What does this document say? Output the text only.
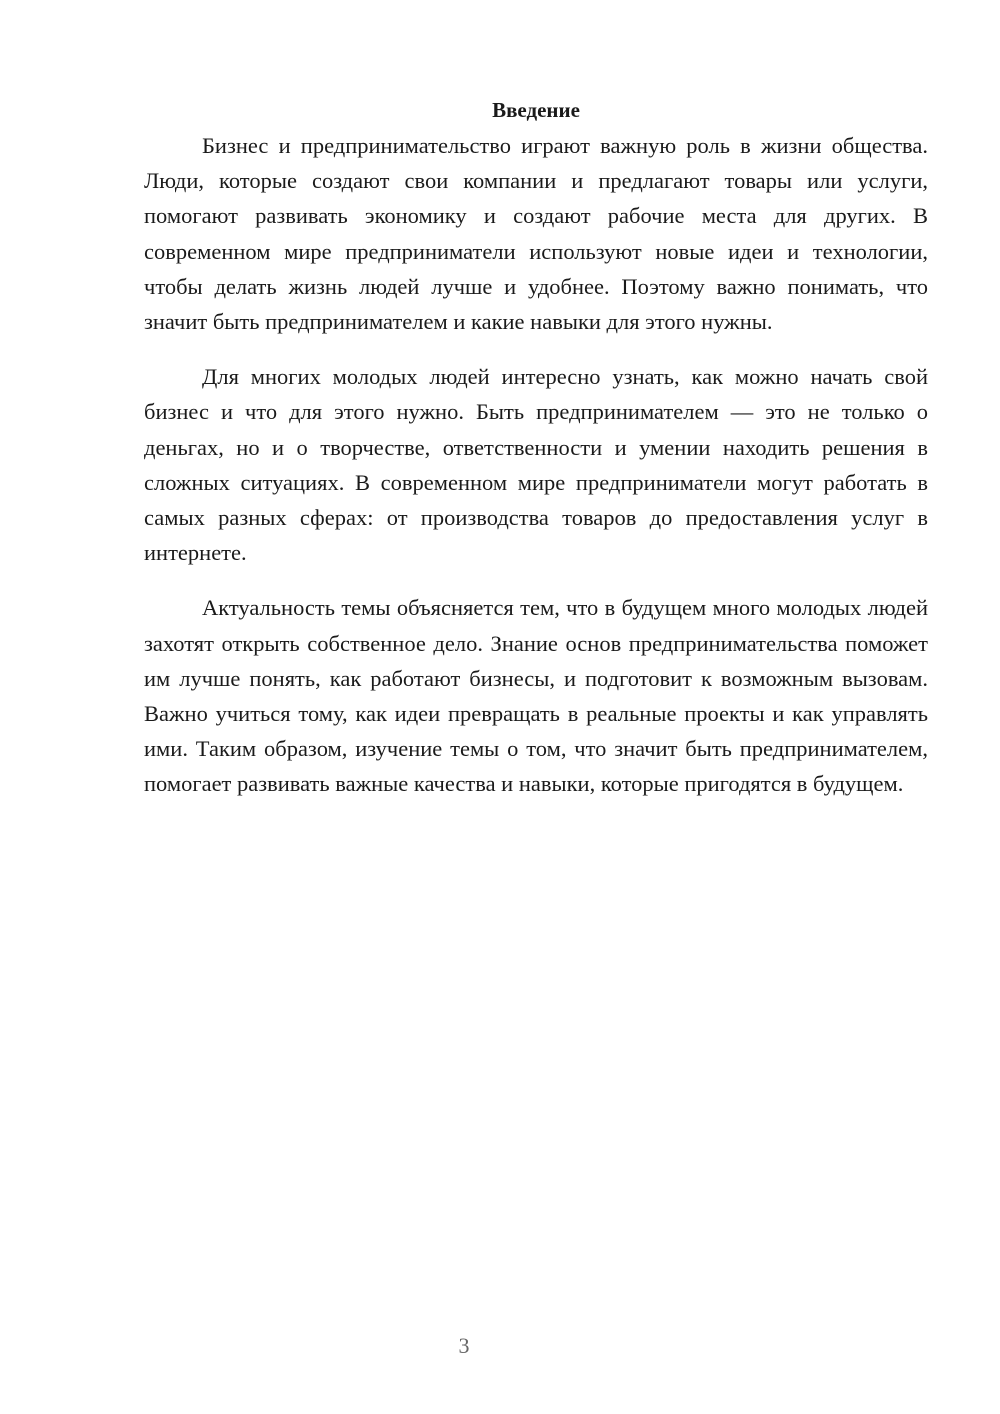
Введение

Бизнес и предпринимательство играют важную роль в жизни общества. Люди, которые создают свои компании и предлагают товары или услуги, помогают развивать экономику и создают рабочие места для других. В современном мире предприниматели используют новые идеи и технологии, чтобы делать жизнь людей лучше и удобнее. Поэтому важно понимать, что значит быть предпринимателем и какие навыки для этого нужны.

Для многих молодых людей интересно узнать, как можно начать свой бизнес и что для этого нужно. Быть предпринимателем — это не только о деньгах, но и о творчестве, ответственности и умении находить решения в сложных ситуациях. В современном мире предприниматели могут работать в самых разных сферах: от производства товаров до предоставления услуг в интернете.

Актуальность темы объясняется тем, что в будущем много молодых людей захотят открыть собственное дело. Знание основ предпринимательства поможет им лучше понять, как работают бизнесы, и подготовит к возможным вызовам. Важно учиться тому, как идеи превращать в реальные проекты и как управлять ими. Таким образом, изучение темы о том, что значит быть предпринимателем, помогает развивать важные качества и навыки, которые пригодятся в будущем.

3
